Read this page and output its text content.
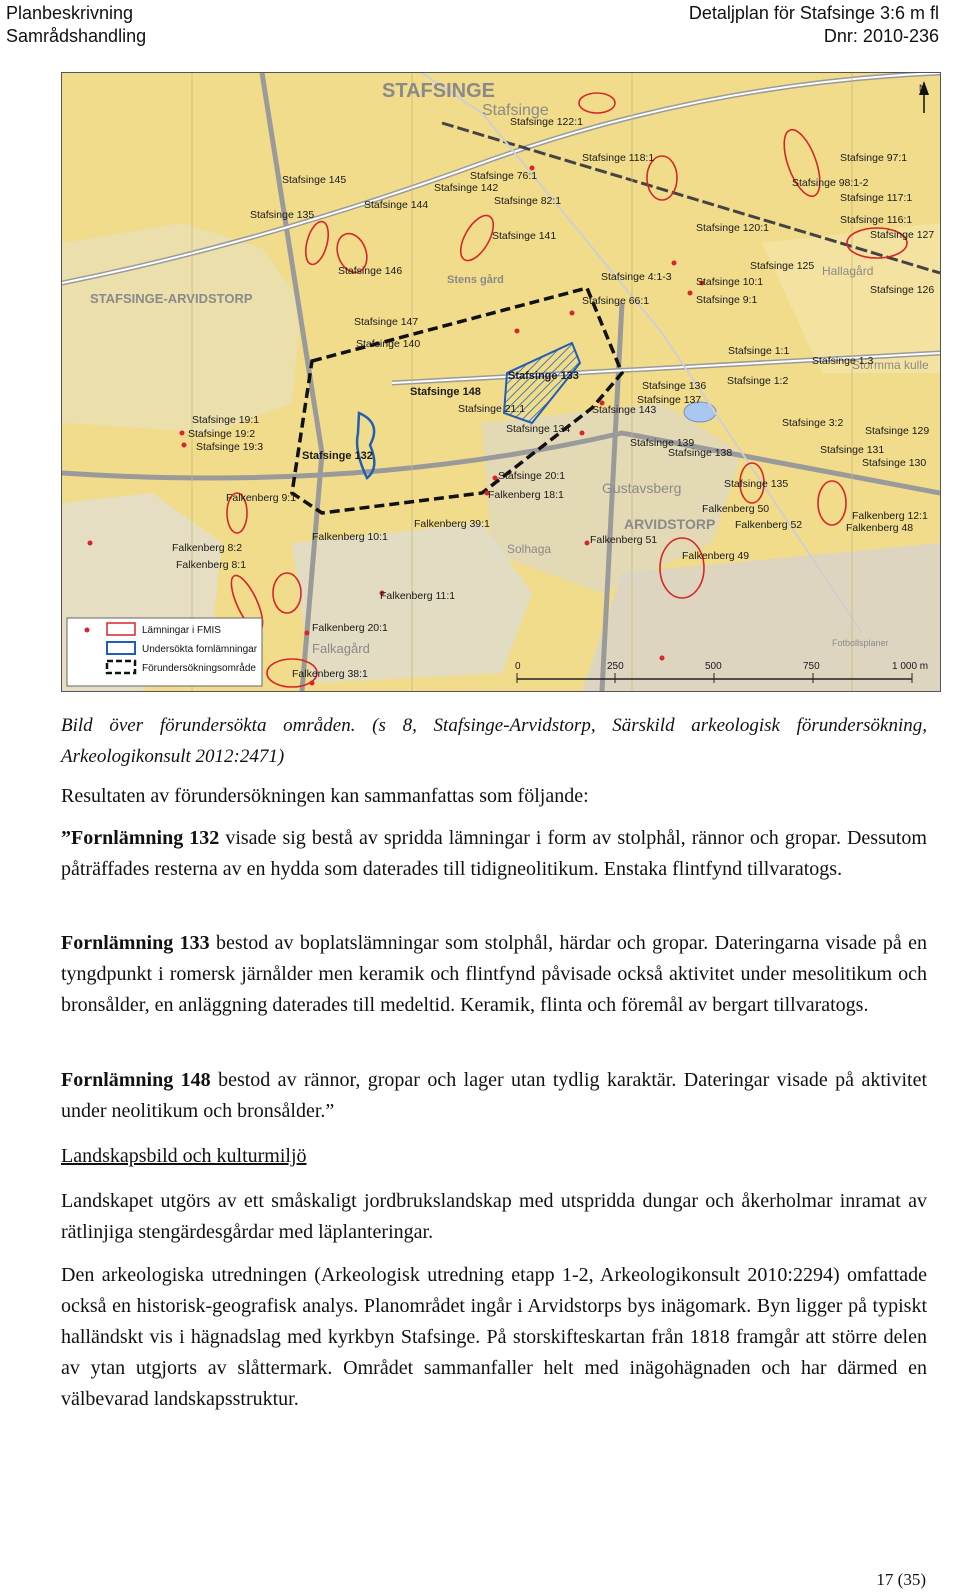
Planbeskrivning
Samrådshandling
Detaljplan för Stafsinge 3:6 m fl
Dnr: 2010-236
N
STAFSINGE
Stafsinge
STAFSINGE-ARVIDSTORP
Stens gård
Hallagård
Gustavsberg
ARVIDSTORP
Solhaga
Falkagård
Stormma kulle
Fotbollsplaner
Stafsinge 122:1
Stafsinge 118:1	Stafsinge 97:1
Stafsinge 98:1-2
Stafsinge 117:1
Stafsinge 116:1
Stafsinge 127
Stafsinge 145	Stafsinge 76:1
Stafsinge 142
Stafsinge 144	Stafsinge 82:1
Stafsinge 135
Stafsinge 141
Stafsinge 120:1
Stafsinge 146	Stafsinge 125
Stafsinge 4:1-3 Stafsinge 10:1
Stafsinge 126
Stafsinge 66:1	Stafsinge 9:1
Stafsinge 147
Stafsinge 140
Stafsinge 1:1
Stafsinge 1:3
Stafsinge 133
Stafsinge 148	Stafsinge 136
Stafsinge 137
Stafsinge 1:2
Stafsinge 21:1	Stafsinge 143
Stafsinge 19:1
Stafsinge 19:2
Stafsinge 19:3
Stafsinge 134	Stafsinge 3:2
Stafsinge 129
Stafsinge 139
Stafsinge 138	Stafsinge 131
Stafsinge 132
Stafsinge 130
Stafsinge 20:1
Stafsinge 135
Falkenberg 18:1
Falkenberg 9:1
Falkenberg 50
Falkenberg 52
Falkenberg 12:1
Falkenberg 48
Falkenberg 39:1
Falkenberg 10:1	Falkenberg 51
Falkenberg 8:2
Falkenberg 8:1
Falkenberg 49
Falkenberg 11:1
Falkenberg 20:1
Falkenberg 38:1
Lämningar i FMIS
Undersökta fornlämningar
Förundersökningsområde	0	250	500	750	1 000 m
Bild över förundersökta områden. (s 8, Stafsinge-Arvidstorp, Särskild arkeologisk förundersökning, Arkeologikonsult 2012:2471)
Resultaten av förundersökningen kan sammanfattas som följande:
”Fornlämning 132 visade sig bestå av spridda lämningar i form av stolphål, rännor och gropar. Dessutom påträffades resterna av en hydda som daterades till tidigneolitikum. Enstaka flintfynd tillvaratogs.
Fornlämning 133 bestod av boplatslämningar som stolphål, härdar och gropar. Dateringarna visade på en tyngdpunkt i romersk järnålder men keramik och flintfynd påvisade också aktivitet under mesolitikum och bronsålder, en anläggning daterades till medeltid. Keramik, flinta och föremål av bergart tillvaratogs.
Fornlämning 148 bestod av rännor, gropar och lager utan tydlig karaktär. Dateringar visade på aktivitet under neolitikum och bronsålder.”
Landskapsbild och kulturmiljö
Landskapet utgörs av ett småskaligt jordbrukslandskap med utspridda dungar och åkerholmar inramat av rätlinjiga stengärdesgårdar med läplanteringar.
Den arkeologiska utredningen (Arkeologisk utredning etapp 1-2, Arkeologikonsult 2010:2294) omfattade också en historisk-geografisk analys. Planområdet ingår i Arvidstorps bys inägomark. Byn ligger på typiskt halländskt vis i hägnadslag med kyrkbyn Stafsinge. På storskifteskartan från 1818 framgår att större delen av ytan utgjorts av slåttermark. Området sammanfaller helt med inägohägnaden och har därmed en välbevarad landskapsstruktur.
17 (35)
